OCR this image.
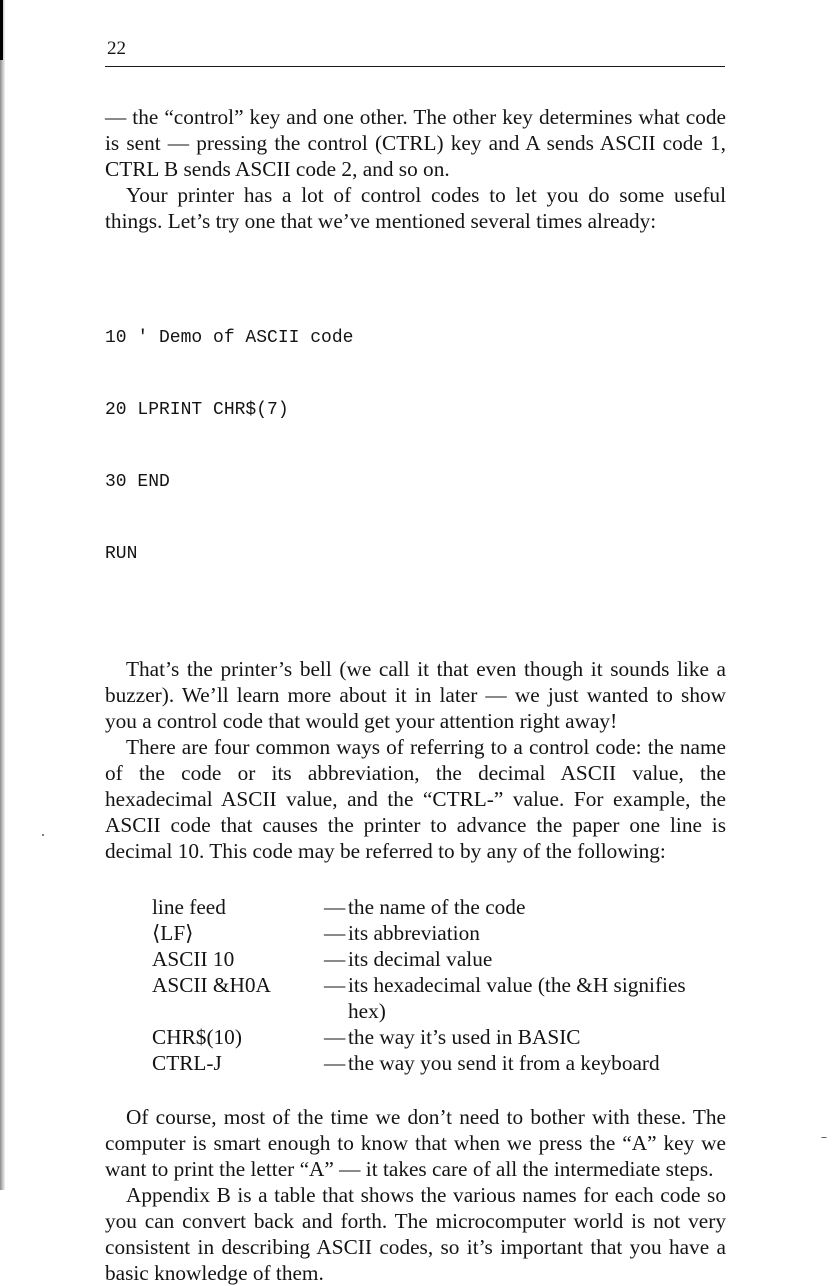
22

— the “control” key and one other. The other key determines what code is sent — pressing the control (CTRL) key and A sends ASCII code 1, CTRL B sends ASCII code 2, and so on.

Your printer has a lot of control codes to let you do some useful things. Let’s try one that we’ve mentioned several times already:

10 ' Demo of ASCII code

20 LPRINT CHR$(7)

30 END

RUN

That’s the printer’s bell (we call it that even though it sounds like a buzzer). We’ll learn more about it in later — we just wanted to show you a control code that would get your attention right away!

There are four common ways of referring to a control code: the name of the code or its abbreviation, the decimal ASCII value, the hexadecimal ASCII value, and the “CTRL-” value. For example, the ASCII code that causes the printer to advance the paper one line is decimal 10. This code may be referred to by any of the following:

line feed	— the name of the code
⟨LF⟩	— its abbreviation
ASCII 10	— its decimal value
ASCII &H0A	— its hexadecimal value (the &H signifies hex)
CHR$(10)	— the way it’s used in BASIC
CTRL-J	— the way you send it from a keyboard

Of course, most of the time we don’t need to bother with these. The computer is smart enough to know that when we press the “A” key we want to print the letter “A” — it takes care of all the intermediate steps.

Appendix B is a table that shows the various names for each code so you can convert back and forth. The microcomputer world is not very consistent in describing ASCII codes, so it’s important that you have a basic knowledge of them.
